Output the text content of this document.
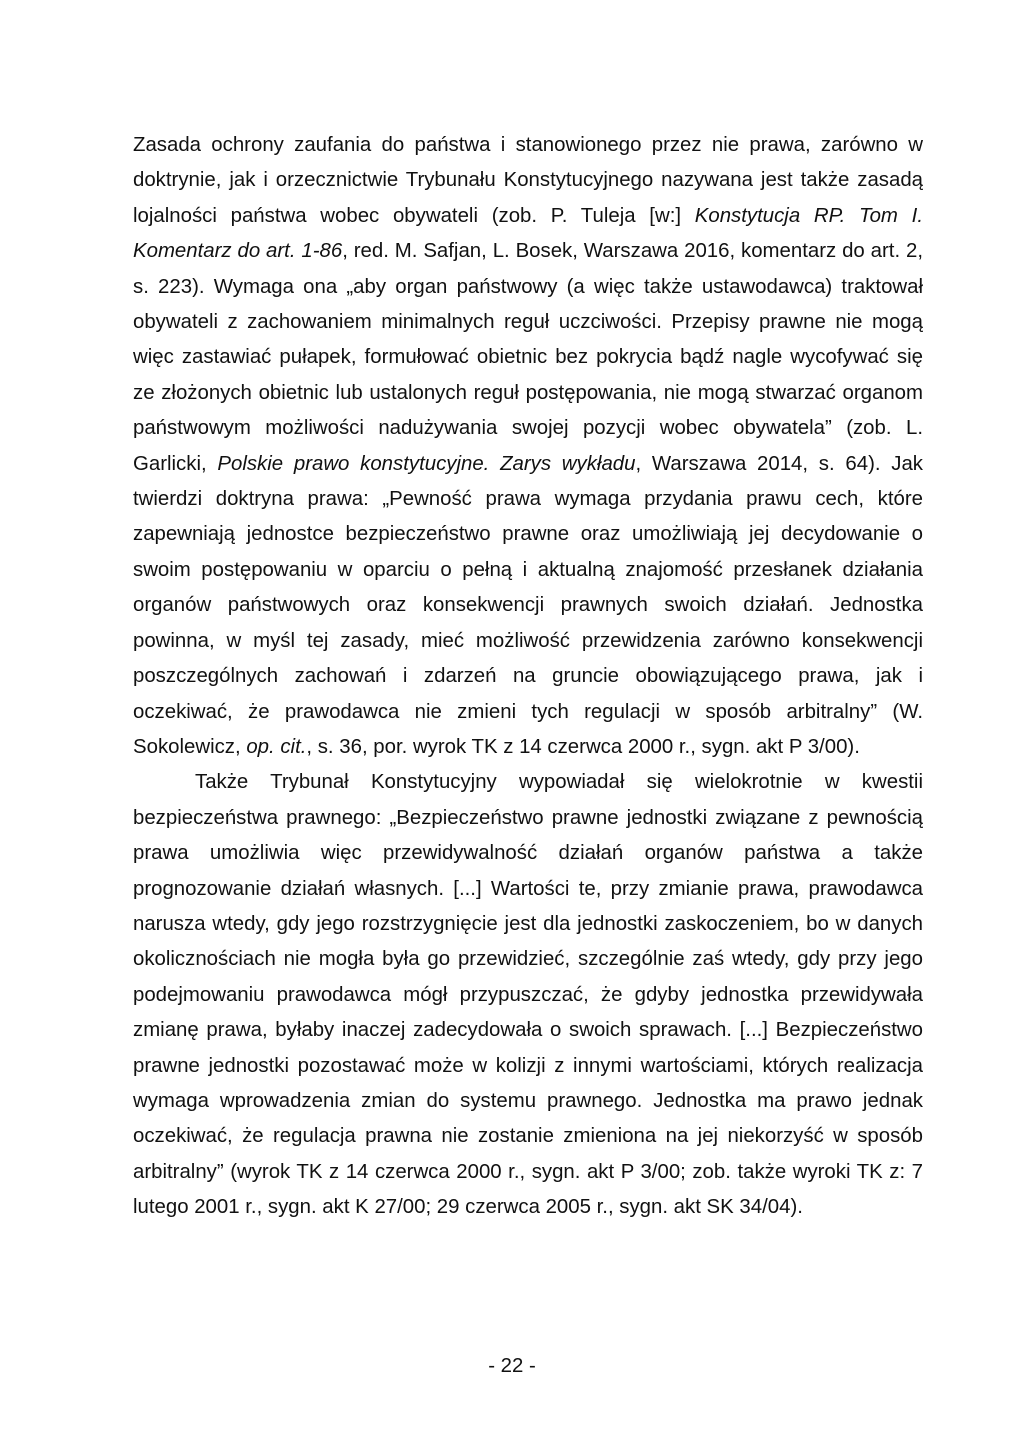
Zasada ochrony zaufania do państwa i stanowionego przez nie prawa, zarówno w doktrynie, jak i orzecznictwie Trybunału Konstytucyjnego nazywana jest także zasadą lojalności państwa wobec obywateli (zob. P. Tuleja [w:] Konstytucja RP. Tom I. Komentarz do art. 1-86, red. M. Safjan, L. Bosek, Warszawa 2016, komentarz do art. 2, s. 223). Wymaga ona „aby organ państwowy (a więc także ustawodawca) traktował obywateli z zachowaniem minimalnych reguł uczciwości. Przepisy prawne nie mogą więc zastawiać pułapek, formułować obietnic bez pokrycia bądź nagle wycofywać się ze złożonych obietnic lub ustalonych reguł postępowania, nie mogą stwarzać organom państwowym możliwości nadużywania swojej pozycji wobec obywatela” (zob. L. Garlicki, Polskie prawo konstytucyjne. Zarys wykładu, Warszawa 2014, s. 64). Jak twierdzi doktryna prawa: „Pewność prawa wymaga przydania prawu cech, które zapewniają jednostce bezpieczeństwo prawne oraz umożliwiają jej decydowanie o swoim postępowaniu w oparciu o pełną i aktualną znajomość przesłanek działania organów państwowych oraz konsekwencji prawnych swoich działań. Jednostka powinna, w myśl tej zasady, mieć możliwość przewidzenia zarówno konsekwencji poszczególnych zachowań i zdarzeń na gruncie obowiązującego prawa, jak i oczekiwać, że prawodawca nie zmieni tych regulacji w sposób arbitralny” (W. Sokolewicz, op. cit., s. 36, por. wyrok TK z 14 czerwca 2000 r., sygn. akt P 3/00).

Także Trybunał Konstytucyjny wypowiadał się wielokrotnie w kwestii bezpieczeństwa prawnego: „Bezpieczeństwo prawne jednostki związane z pewnością prawa umożliwia więc przewidywalność działań organów państwa a także prognozowanie działań własnych. [...] Wartości te, przy zmianie prawa, prawodawca narusza wtedy, gdy jego rozstrzygnięcie jest dla jednostki zaskoczeniem, bo w danych okolicznościach nie mogła była go przewidzieć, szczególnie zaś wtedy, gdy przy jego podejmowaniu prawodawca mógł przypuszczać, że gdyby jednostka przewidywała zmianę prawa, byłaby inaczej zadecydowała o swoich sprawach. [...] Bezpieczeństwo prawne jednostki pozostawać może w kolizji z innymi wartościami, których realizacja wymaga wprowadzenia zmian do systemu prawnego. Jednostka ma prawo jednak oczekiwać, że regulacja prawna nie zostanie zmieniona na jej niekorzyść w sposób arbitralny” (wyrok TK z 14 czerwca 2000 r., sygn. akt P 3/00; zob. także wyroki TK z: 7 lutego 2001 r., sygn. akt K 27/00; 29 czerwca 2005 r., sygn. akt SK 34/04).

- 22 -
